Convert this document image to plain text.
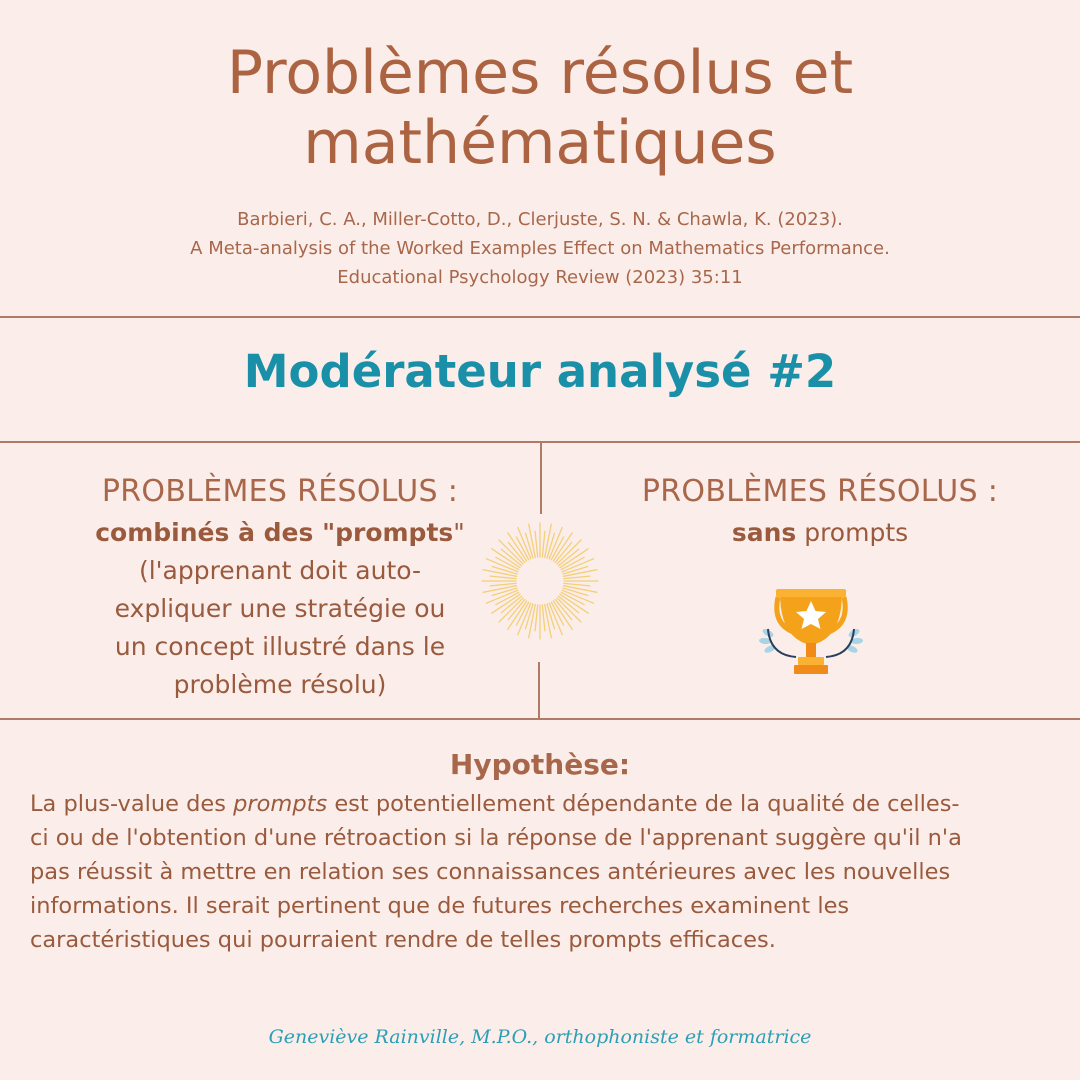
Problèmes résolus et
mathématiques
Barbieri, C. A., Miller-Cotto, D., Clerjuste, S. N. & Chawla, K. (2023).
A Meta-analysis of the Worked Examples Effect on Mathematics Performance.
Educational Psychology Review (2023) 35:11
Modérateur analysé #2
PROBLÈMES RÉSOLUS :
combinés à des "prompts"
(l'apprenant doit auto-
expliquer une stratégie ou
un concept illustré dans le
problème résolu)
PROBLÈMES RÉSOLUS :
sans prompts
Hypothèse:
La plus-value des prompts est potentiellement dépendante de la qualité de celles-
ci ou de l'obtention d'une rétroaction si la réponse de l'apprenant suggère qu'il n'a
pas réussit à mettre en relation ses connaissances antérieures avec les nouvelles
informations. Il serait pertinent que de futures recherches examinent les
caractéristiques qui pourraient rendre de telles prompts efficaces.
Geneviève Rainville, M.P.O., orthophoniste et formatrice
